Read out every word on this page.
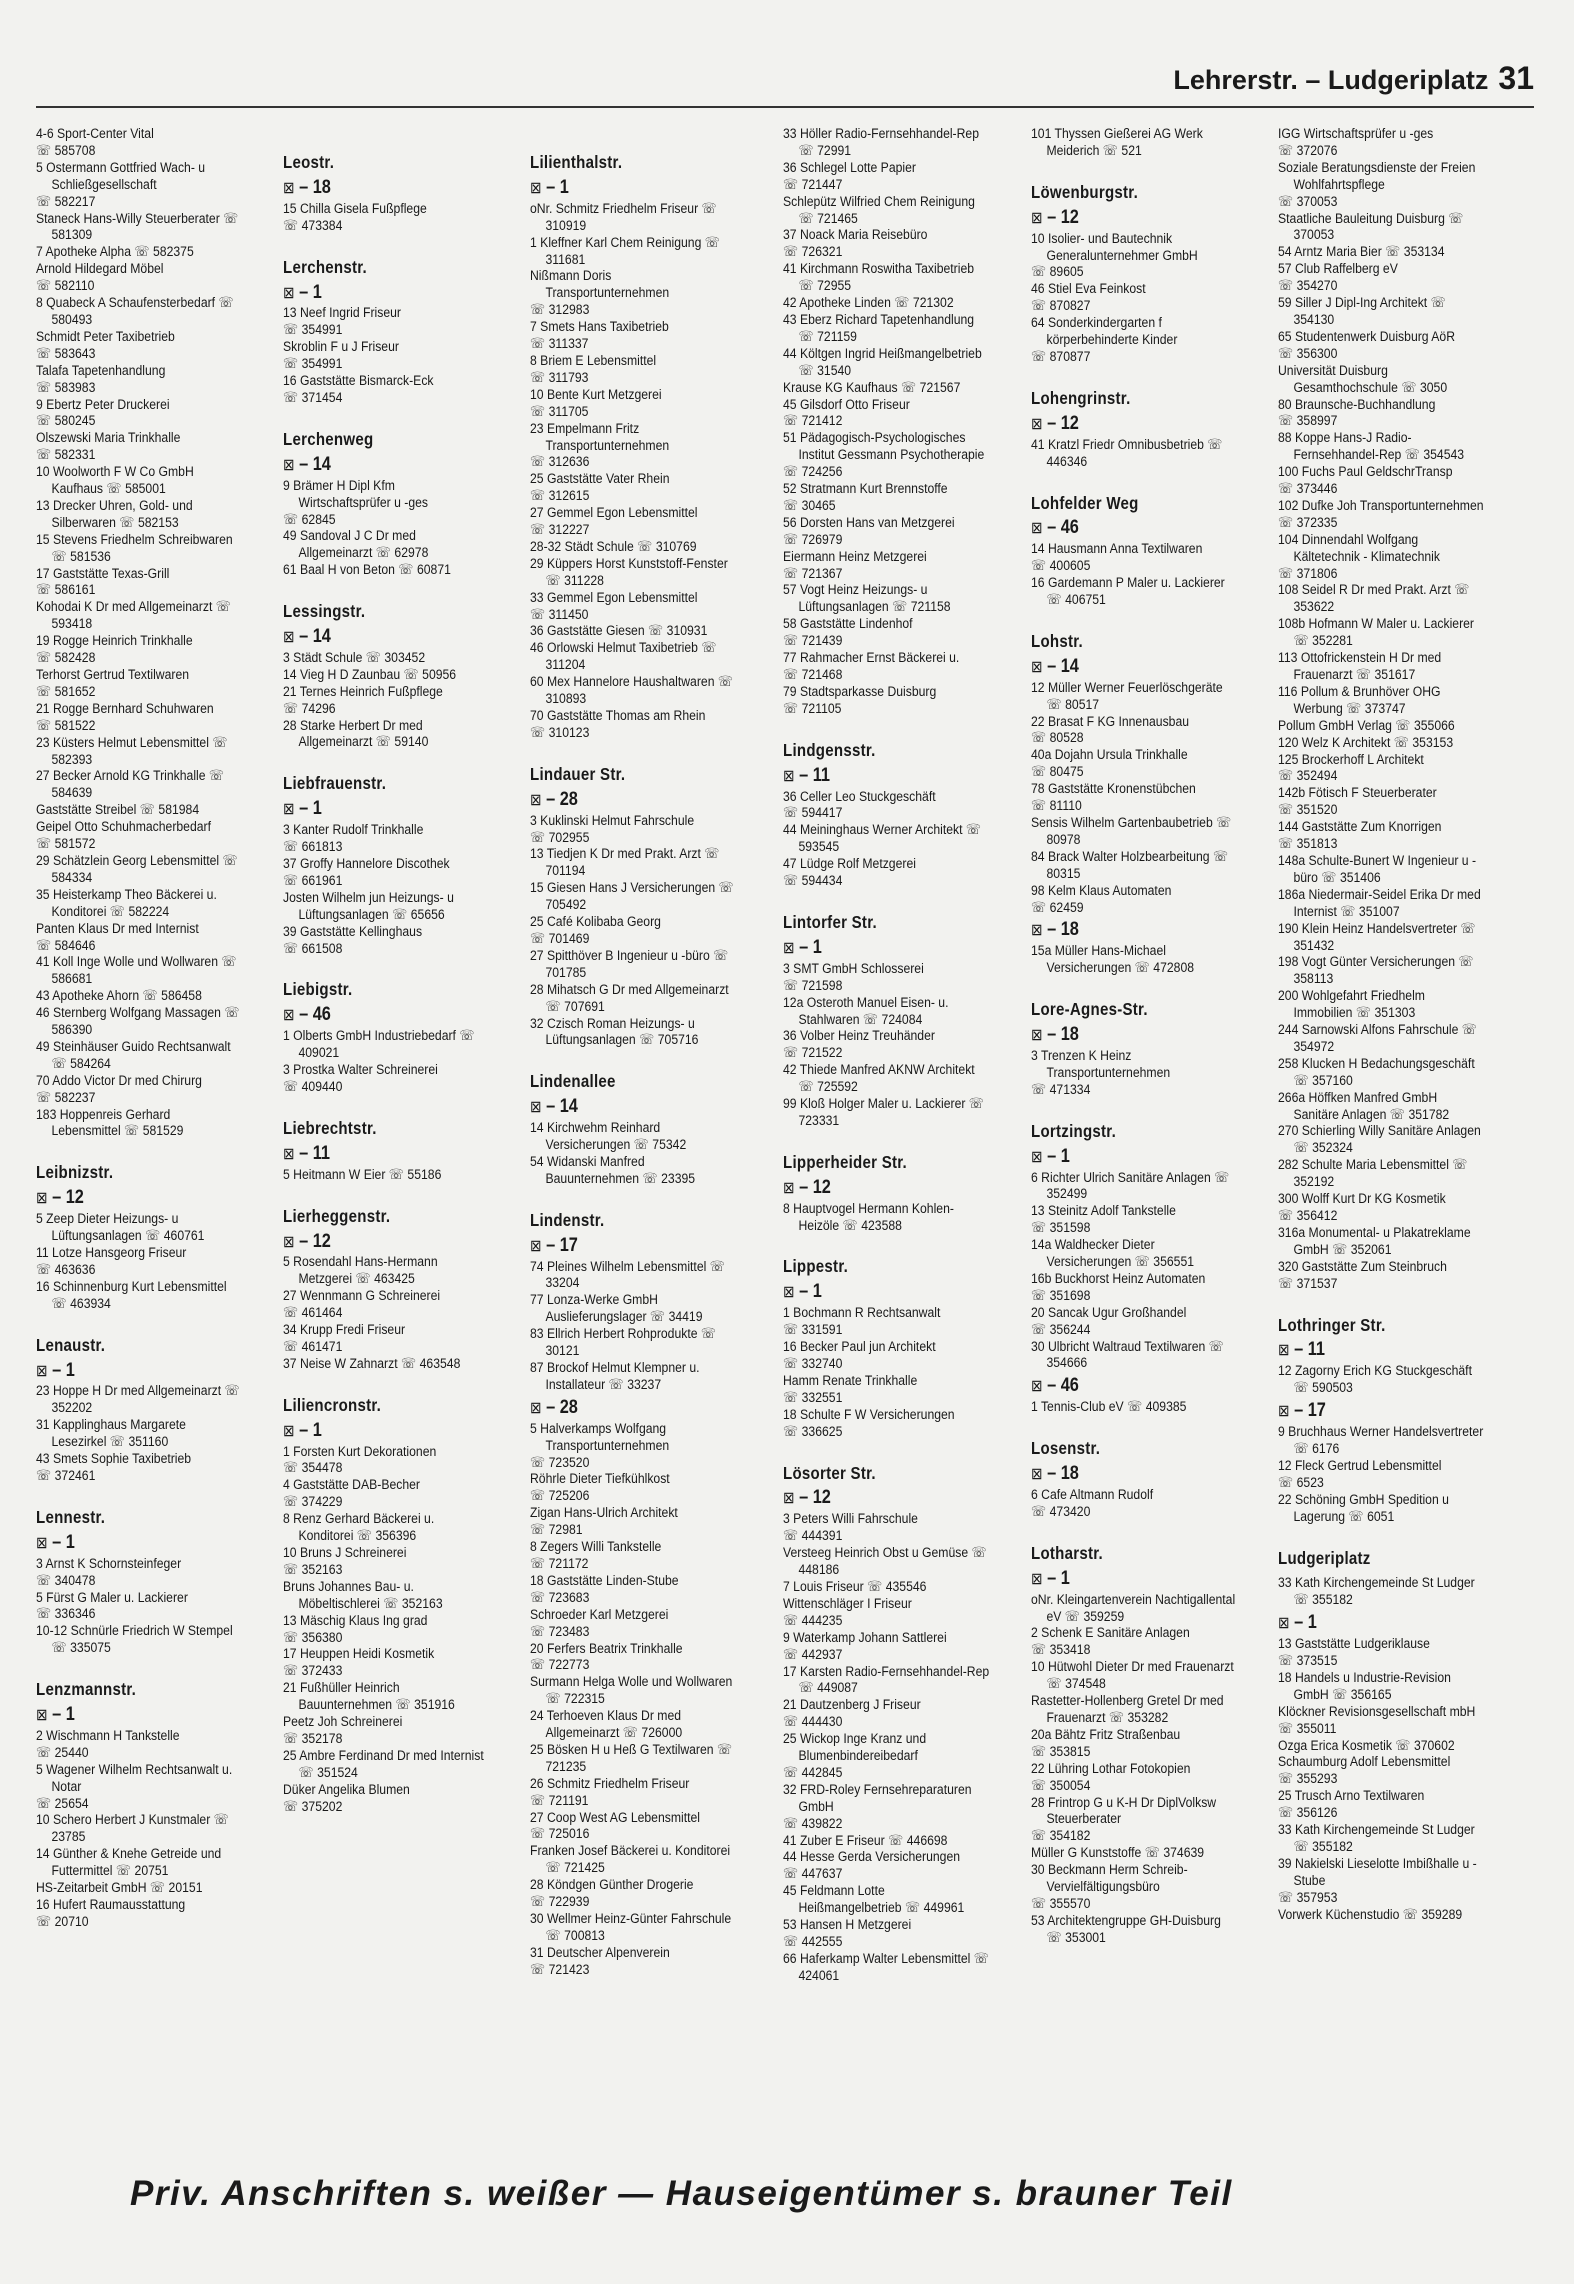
Lehrerstr. – Ludgeriplatz 31
4-6 Sport-Center Vital
☏ 585708
5 Ostermann Gottfried Wach- u Schließgesellschaft
☏ 582217
Staneck Hans-Willy Steuerberater ☏ 581309
7 Apotheke Alpha ☏ 582375
Arnold Hildegard Möbel
☏ 582110
8 Quabeck A Schaufensterbedarf ☏ 580493
Schmidt Peter Taxibetrieb
☏ 583643
Talafa Tapetenhandlung
☏ 583983
9 Ebertz Peter Druckerei
☏ 580245
Olszewski Maria Trinkhalle
☏ 582331
10 Woolworth F W Co GmbH Kaufhaus ☏ 585001
13 Drecker Uhren, Gold- und Silberwaren ☏ 582153
15 Stevens Friedhelm Schreibwaren ☏ 581536
17 Gaststätte Texas-Grill
☏ 586161
Kohodai K Dr med Allgemeinarzt ☏ 593418
19 Rogge Heinrich Trinkhalle
☏ 582428
Terhorst Gertrud Textilwaren
☏ 581652
21 Rogge Bernhard Schuhwaren
☏ 581522
23 Küsters Helmut Lebensmittel ☏ 582393
27 Becker Arnold KG Trinkhalle ☏ 584639
Gaststätte Streibel ☏ 581984
Geipel Otto Schuhmacherbedarf
☏ 581572
29 Schätzlein Georg Lebensmittel ☏ 584334
35 Heisterkamp Theo Bäckerei u. Konditorei ☏ 582224
Panten Klaus Dr med Internist
☏ 584646
41 Koll Inge Wolle und Wollwaren ☏ 586681
43 Apotheke Ahorn ☏ 586458
46 Sternberg Wolfgang Massagen ☏ 586390
49 Steinhäuser Guido Rechtsanwalt ☏ 584264
70 Addo Victor Dr med Chirurg
☏ 582237
183 Hoppenreis Gerhard Lebensmittel ☏ 581529
Leibnizstr.
⊠ – 12
5 Zeep Dieter Heizungs- u Lüftungsanlagen ☏ 460761
11 Lotze Hansgeorg Friseur
☏ 463636
16 Schinnenburg Kurt Lebensmittel ☏ 463934
Lenaustr.
⊠ – 1
23 Hoppe H Dr med Allgemeinarzt ☏ 352202
31 Kapplinghaus Margarete Lesezirkel ☏ 351160
43 Smets Sophie Taxibetrieb
☏ 372461
Lennestr.
⊠ – 1
3 Arnst K Schornsteinfeger
☏ 340478
5 Fürst G Maler u. Lackierer
☏ 336346
10-12 Schnürle Friedrich W Stempel ☏ 335075
Lenzmannstr.
⊠ – 1
2 Wischmann H Tankstelle
☏ 25440
5 Wagener Wilhelm Rechtsanwalt u. Notar
☏ 25654
10 Schero Herbert J Kunstmaler ☏ 23785
14 Günther & Knehe Getreide und Futtermittel ☏ 20751
HS-Zeitarbeit GmbH ☏ 20151
16 Hufert Raumausstattung
☏ 20710
Leostr.
⊠ – 18
15 Chilla Gisela Fußpflege
☏ 473384
Lerchenstr.
⊠ – 1
13 Neef Ingrid Friseur
☏ 354991
Skroblin F u J Friseur
☏ 354991
16 Gaststätte Bismarck-Eck
☏ 371454
Lerchenweg
⊠ – 14
9 Brämer H Dipl Kfm Wirtschaftsprüfer u -ges
☏ 62845
49 Sandoval J C Dr med Allgemeinarzt ☏ 62978
61 Baal H von Beton ☏ 60871
Lessingstr.
⊠ – 14
3 Städt Schule ☏ 303452
14 Vieg H D Zaunbau ☏ 50956
21 Ternes Heinrich Fußpflege
☏ 74296
28 Starke Herbert Dr med Allgemeinarzt ☏ 59140
Liebfrauenstr.
⊠ – 1
3 Kanter Rudolf Trinkhalle
☏ 661813
37 Groffy Hannelore Discothek
☏ 661961
Josten Wilhelm jun Heizungs- u Lüftungsanlagen ☏ 65656
39 Gaststätte Kellinghaus
☏ 661508
Liebigstr.
⊠ – 46
1 Olberts GmbH Industriebedarf ☏ 409021
3 Prostka Walter Schreinerei
☏ 409440
Liebrechtstr.
⊠ – 11
5 Heitmann W Eier ☏ 55186
Lierheggenstr.
⊠ – 12
5 Rosendahl Hans-Hermann Metzgerei ☏ 463425
27 Wennmann G Schreinerei
☏ 461464
34 Krupp Fredi Friseur
☏ 461471
37 Neise W Zahnarzt ☏ 463548
Liliencronstr.
⊠ – 1
1 Forsten Kurt Dekorationen
☏ 354478
4 Gaststätte DAB-Becher
☏ 374229
8 Renz Gerhard Bäckerei u. Konditorei ☏ 356396
10 Bruns J Schreinerei
☏ 352163
Bruns Johannes Bau- u. Möbeltischlerei ☏ 352163
13 Mäschig Klaus Ing grad
☏ 356380
17 Heuppen Heidi Kosmetik
☏ 372433
21 Fußhüller Heinrich Bauunternehmen ☏ 351916
Peetz Joh Schreinerei
☏ 352178
25 Ambre Ferdinand Dr med Internist ☏ 351524
Düker Angelika Blumen
☏ 375202
Lilienthalstr.
⊠ – 1
oNr. Schmitz Friedhelm Friseur ☏ 310919
1 Kleffner Karl Chem Reinigung ☏ 311681
Nißmann Doris Transportunternehmen
☏ 312983
7 Smets Hans Taxibetrieb
☏ 311337
8 Briem E Lebensmittel
☏ 311793
10 Bente Kurt Metzgerei
☏ 311705
23 Empelmann Fritz Transportunternehmen
☏ 312636
25 Gaststätte Vater Rhein
☏ 312615
27 Gemmel Egon Lebensmittel
☏ 312227
28-32 Städt Schule ☏ 310769
29 Küppers Horst Kunststoff-Fenster ☏ 311228
33 Gemmel Egon Lebensmittel
☏ 311450
36 Gaststätte Giesen ☏ 310931
46 Orlowski Helmut Taxibetrieb ☏ 311204
60 Mex Hannelore Haushaltwaren ☏ 310893
70 Gaststätte Thomas am Rhein
☏ 310123
Lindauer Str.
⊠ – 28
3 Kuklinski Helmut Fahrschule
☏ 702955
13 Tiedjen K Dr med Prakt. Arzt ☏ 701194
15 Giesen Hans J Versicherungen ☏ 705492
25 Café Kolibaba Georg
☏ 701469
27 Spitthöver B Ingenieur u -büro ☏ 701785
28 Mihatsch G Dr med Allgemeinarzt ☏ 707691
32 Czisch Roman Heizungs- u Lüftungsanlagen ☏ 705716
Lindenallee
⊠ – 14
14 Kirchwehm Reinhard Versicherungen ☏ 75342
54 Widanski Manfred Bauunternehmen ☏ 23395
Lindenstr.
⊠ – 17
74 Pleines Wilhelm Lebensmittel ☏ 33204
77 Lonza-Werke GmbH Auslieferungslager ☏ 34419
83 Ellrich Herbert Rohprodukte ☏ 30121
87 Brockof Helmut Klempner u. Installateur ☏ 33237
⊠ – 28
5 Halverkamps Wolfgang Transportunternehmen
☏ 723520
Röhrle Dieter Tiefkühlkost
☏ 725206
Zigan Hans-Ulrich Architekt
☏ 72981
8 Zegers Willi Tankstelle
☏ 721172
18 Gaststätte Linden-Stube
☏ 723683
Schroeder Karl Metzgerei
☏ 723483
20 Ferfers Beatrix Trinkhalle
☏ 722773
Surmann Helga Wolle und Wollwaren ☏ 722315
24 Terhoeven Klaus Dr med Allgemeinarzt ☏ 726000
25 Bösken H u Heß G Textilwaren ☏ 721235
26 Schmitz Friedhelm Friseur
☏ 721191
27 Coop West AG Lebensmittel
☏ 725016
Franken Josef Bäckerei u. Konditorei ☏ 721425
28 Köndgen Günther Drogerie
☏ 722939
30 Wellmer Heinz-Günter Fahrschule ☏ 700813
31 Deutscher Alpenverein
☏ 721423
33 Höller Radio-Fernsehhandel-Rep ☏ 72991
36 Schlegel Lotte Papier
☏ 721447
Schlepütz Wilfried Chem Reinigung ☏ 721465
37 Noack Maria Reisebüro
☏ 726321
41 Kirchmann Roswitha Taxibetrieb ☏ 72955
42 Apotheke Linden ☏ 721302
43 Eberz Richard Tapetenhandlung ☏ 721159
44 Költgen Ingrid Heißmangelbetrieb ☏ 31540
Krause KG Kaufhaus ☏ 721567
45 Gilsdorf Otto Friseur
☏ 721412
51 Pädagogisch-Psychologisches Institut Gessmann Psychotherapie
☏ 724256
52 Stratmann Kurt Brennstoffe
☏ 30465
56 Dorsten Hans van Metzgerei
☏ 726979
Eiermann Heinz Metzgerei
☏ 721367
57 Vogt Heinz Heizungs- u Lüftungsanlagen ☏ 721158
58 Gaststätte Lindenhof
☏ 721439
77 Rahmacher Ernst Bäckerei u.
☏ 721468
79 Stadtsparkasse Duisburg
☏ 721105
Lindgensstr.
⊠ – 11
36 Celler Leo Stuckgeschäft
☏ 594417
44 Meininghaus Werner Architekt ☏ 593545
47 Lüdge Rolf Metzgerei
☏ 594434
Lintorfer Str.
⊠ – 1
3 SMT GmbH Schlosserei
☏ 721598
12a Osteroth Manuel Eisen- u. Stahlwaren ☏ 724084
36 Volber Heinz Treuhänder
☏ 721522
42 Thiede Manfred AKNW Architekt ☏ 725592
99 Kloß Holger Maler u. Lackierer ☏ 723331
Lipperheider Str.
⊠ – 12
8 Hauptvogel Hermann Kohlen-Heizöle ☏ 423588
Lippestr.
⊠ – 1
1 Bochmann R Rechtsanwalt
☏ 331591
16 Becker Paul jun Architekt
☏ 332740
Hamm Renate Trinkhalle
☏ 332551
18 Schulte F W Versicherungen
☏ 336625
Lösorter Str.
⊠ – 12
3 Peters Willi Fahrschule
☏ 444391
Versteeg Heinrich Obst u Gemüse ☏ 448186
7 Louis Friseur ☏ 435546
Wittenschläger I Friseur
☏ 444235
9 Waterkamp Johann Sattlerei
☏ 442937
17 Karsten Radio-Fernsehhandel-Rep ☏ 449087
21 Dautzenberg J Friseur
☏ 444430
25 Wickop Inge Kranz und Blumenbindereibedarf
☏ 442845
32 FRD-Roley Fernsehreparaturen GmbH
☏ 439822
41 Zuber E Friseur ☏ 446698
44 Hesse Gerda Versicherungen
☏ 447637
45 Feldmann Lotte Heißmangelbetrieb ☏ 449961
53 Hansen H Metzgerei
☏ 442555
66 Haferkamp Walter Lebensmittel ☏ 424061
101 Thyssen Gießerei AG Werk Meiderich ☏ 521
Löwenburgstr.
⊠ – 12
10 Isolier- und Bautechnik Generalunternehmer GmbH
☏ 89605
46 Stiel Eva Feinkost
☏ 870827
64 Sonderkindergarten f körperbehinderte Kinder
☏ 870877
Lohengrinstr.
⊠ – 12
41 Kratzl Friedr Omnibusbetrieb ☏ 446346
Lohfelder Weg
⊠ – 46
14 Hausmann Anna Textilwaren
☏ 400605
16 Gardemann P Maler u. Lackierer ☏ 406751
Lohstr.
⊠ – 14
12 Müller Werner Feuerlöschgeräte ☏ 80517
22 Brasat F KG Innenausbau
☏ 80528
40a Dojahn Ursula Trinkhalle
☏ 80475
78 Gaststätte Kronenstübchen
☏ 81110
Sensis Wilhelm Gartenbaubetrieb ☏ 80978
84 Brack Walter Holzbearbeitung ☏ 80315
98 Kelm Klaus Automaten
☏ 62459
⊠ – 18
15a Müller Hans-Michael Versicherungen ☏ 472808
Lore-Agnes-Str.
⊠ – 18
3 Trenzen K Heinz Transportunternehmen
☏ 471334
Lortzingstr.
⊠ – 1
6 Richter Ulrich Sanitäre Anlagen ☏ 352499
13 Steinitz Adolf Tankstelle
☏ 351598
14a Waldhecker Dieter Versicherungen ☏ 356551
16b Buckhorst Heinz Automaten
☏ 351698
20 Sancak Ugur Großhandel
☏ 356244
30 Ulbricht Waltraud Textilwaren ☏ 354666
⊠ – 46
1 Tennis-Club eV ☏ 409385
Losenstr.
⊠ – 18
6 Cafe Altmann Rudolf
☏ 473420
Lotharstr.
⊠ – 1
oNr. Kleingartenverein Nachtigallental eV ☏ 359259
2 Schenk E Sanitäre Anlagen
☏ 353418
10 Hütwohl Dieter Dr med Frauenarzt ☏ 374548
Rastetter-Hollenberg Gretel Dr med Frauenarzt ☏ 353282
20a Bähtz Fritz Straßenbau
☏ 353815
22 Lühring Lothar Fotokopien
☏ 350054
28 Frintrop G u K-H Dr DiplVolksw Steuerberater
☏ 354182
Müller G Kunststoffe ☏ 374639
30 Beckmann Herm Schreib-Vervielfältigungsbüro
☏ 355570
53 Architektengruppe GH-Duisburg ☏ 353001
IGG Wirtschaftsprüfer u -ges
☏ 372076
Soziale Beratungsdienste der Freien Wohlfahrtspflege
☏ 370053
Staatliche Bauleitung Duisburg ☏ 370053
54 Arntz Maria Bier ☏ 353134
57 Club Raffelberg eV
☏ 354270
59 Siller J Dipl-Ing Architekt ☏ 354130
65 Studentenwerk Duisburg AöR
☏ 356300
Universität Duisburg Gesamthochschule ☏ 3050
80 Braunsche-Buchhandlung
☏ 358997
88 Koppe Hans-J Radio-Fernsehhandel-Rep ☏ 354543
100 Fuchs Paul GeldschrTransp
☏ 373446
102 Dufke Joh Transportunternehmen
☏ 372335
104 Dinnendahl Wolfgang Kältetechnik - Klimatechnik
☏ 371806
108 Seidel R Dr med Prakt. Arzt ☏ 353622
108b Hofmann W Maler u. Lackierer ☏ 352281
113 Ottofrickenstein H Dr med Frauenarzt ☏ 351617
116 Pollum & Brunhöver OHG Werbung ☏ 373747
Pollum GmbH Verlag ☏ 355066
120 Welz K Architekt ☏ 353153
125 Brockerhoff L Architekt
☏ 352494
142b Fötisch F Steuerberater
☏ 351520
144 Gaststätte Zum Knorrigen
☏ 351813
148a Schulte-Bunert W Ingenieur u -büro ☏ 351406
186a Niedermair-Seidel Erika Dr med Internist ☏ 351007
190 Klein Heinz Handelsvertreter ☏ 351432
198 Vogt Günter Versicherungen ☏ 358113
200 Wohlgefahrt Friedhelm Immobilien ☏ 351303
244 Sarnowski Alfons Fahrschule ☏ 354972
258 Klucken H Bedachungsgeschäft ☏ 357160
266a Höffken Manfred GmbH Sanitäre Anlagen ☏ 351782
270 Schierling Willy Sanitäre Anlagen ☏ 352324
282 Schulte Maria Lebensmittel ☏ 352192
300 Wolff Kurt Dr KG Kosmetik
☏ 356412
316a Monumental- u Plakatreklame GmbH ☏ 352061
320 Gaststätte Zum Steinbruch
☏ 371537
Lothringer Str.
⊠ – 11
12 Zagorny Erich KG Stuckgeschäft ☏ 590503
⊠ – 17
9 Bruchhaus Werner Handelsvertreter ☏ 6176
12 Fleck Gertrud Lebensmittel
☏ 6523
22 Schöning GmbH Spedition u Lagerung ☏ 6051
Ludgeriplatz
33 Kath Kirchengemeinde St Ludger ☏ 355182
⊠ – 1
13 Gaststätte Ludgeriklause
☏ 373515
18 Handels u Industrie-Revision GmbH ☏ 356165
Klöckner Revisionsgesellschaft mbH
☏ 355011
Ozga Erica Kosmetik ☏ 370602
Schaumburg Adolf Lebensmittel
☏ 355293
25 Trusch Arno Textilwaren
☏ 356126
33 Kath Kirchengemeinde St Ludger ☏ 355182
39 Nakielski Lieselotte Imbißhalle u -Stube
☏ 357953
Vorwerk Küchenstudio ☏ 359289
Priv. Anschriften s. weißer — Hauseigentümer s. brauner Teil
